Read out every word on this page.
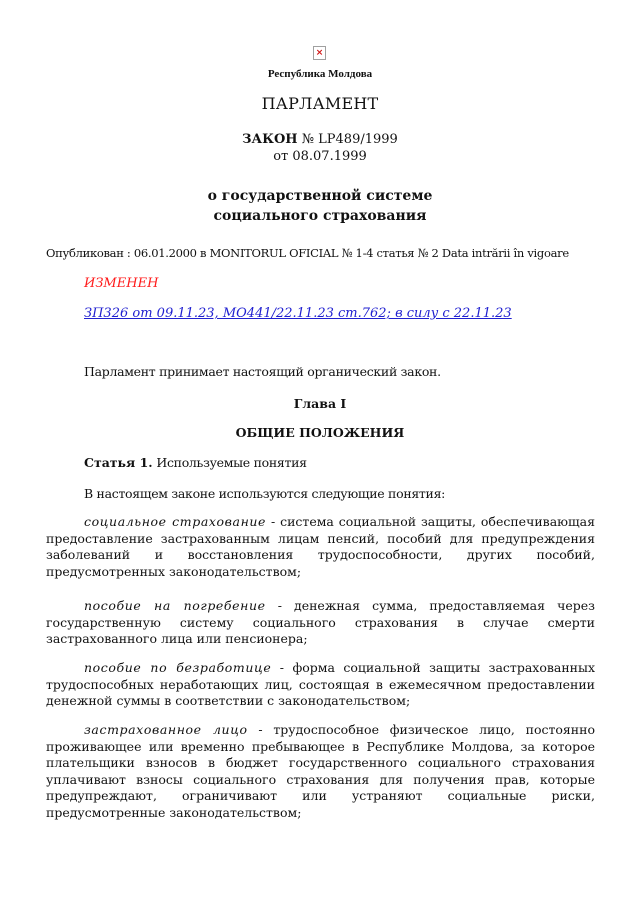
×
Республика Молдова
ПАРЛАМЕНТ
ЗАКОН № LP489/1999
от 08.07.1999
о государственной системе социального страхования
Опубликован : 06.01.2000 в MONITORUL OFICIAL № 1-4 статья № 2 Data intrării în vigoare
ИЗМЕНЕН
ЗП326 от 09.11.23, MO441/22.11.23 ст.762; в силу с 22.11.23
Парламент принимает настоящий органический закон.
Глава I
ОБЩИЕ ПОЛОЖЕНИЯ
Статья 1. Используемые понятия
В настоящем законе используются следующие понятия:
социальное страхование - система социальной защиты, обеспечивающая предоставление застрахованным лицам пенсий, пособий для предупреждения заболеваний и восстановления трудоспособности, других пособий, предусмотренных законодательством;
пособие на погребение - денежная сумма, предоставляемая через государственную систему социального страхования в случае смерти застрахованного лица или пенсионера;
пособие по безработице - форма социальной защиты застрахованных трудоспособных неработающих лиц, состоящая в ежемесячном предоставлении денежной суммы в соответствии с законодательством;
застрахованное лицо - трудоспособное физическое лицо, постоянно проживающее или временно пребывающее в Республике Молдова, за которое плательщики взносов в бюджет государственного социального страхования уплачивают взносы социального страхования для получения прав, которые предупреждают, ограничивают или устраняют социальные риски, предусмотренные законодательством;
